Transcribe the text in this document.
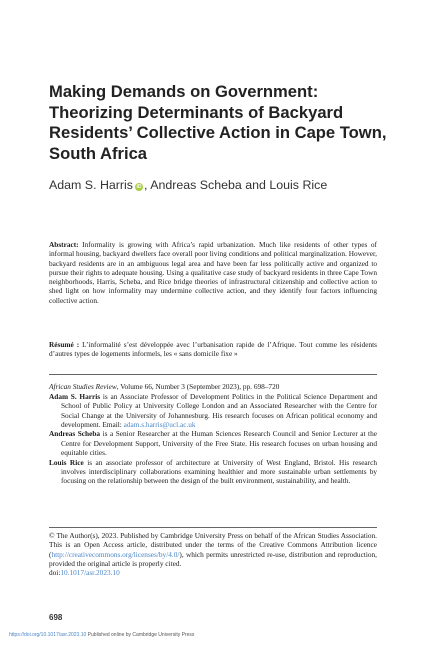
Making Demands on Government: Theorizing Determinants of Backyard Residents’ Collective Action in Cape Town, South Africa
Adam S. Harris iD , Andreas Scheba and Louis Rice
Abstract: Informality is growing with Africa’s rapid urbanization. Much like residents of other types of informal housing, backyard dwellers face overall poor living conditions and political marginalization. However, backyard residents are in an ambiguous legal area and have been far less politically active and organized to pursue their rights to adequate housing. Using a qualitative case study of backyard residents in three Cape Town neighborhoods, Harris, Scheba, and Rice bridge theories of infrastructural citizenship and collective action to shed light on how informality may undermine collective action, and they identify four factors influencing collective action.
Résumé : L’informalité s’est développée avec l’urbanisation rapide de l’Afrique. Tout comme les résidents d’autres types de logements informels, les « sans domicile fixe »
African Studies Review, Volume 66, Number 3 (September 2023), pp. 698–720
Adam S. Harris is an Associate Professor of Development Politics in the Political Science Department and School of Public Policy at University College London and an Associated Researcher with the Centre for Social Change at the University of Johannesburg. His research focuses on African political economy and development. Email: adam.s.harris@ucl.ac.uk
Andreas Scheba is a Senior Researcher at the Human Sciences Research Council and Senior Lecturer at the Centre for Development Support, University of the Free State. His research focuses on urban housing and equitable cities.
Louis Rice is an associate professor of architecture at University of West England, Bristol. His research involves interdisciplinary collaborations examining healthier and more sustainable urban settlements by focusing on the relationship between the design of the built environment, sustainability, and health.
© The Author(s), 2023. Published by Cambridge University Press on behalf of the African Studies Association. This is an Open Access article, distributed under the terms of the Creative Commons Attribution licence (http://creativecommons.org/licenses/by/4.0/), which permits unrestricted re-use, distribution and reproduction, provided the original article is properly cited.
doi:10.1017/asr.2023.10
698
https://doi.org/10.1017/asr.2023.10 Published online by Cambridge University Press
